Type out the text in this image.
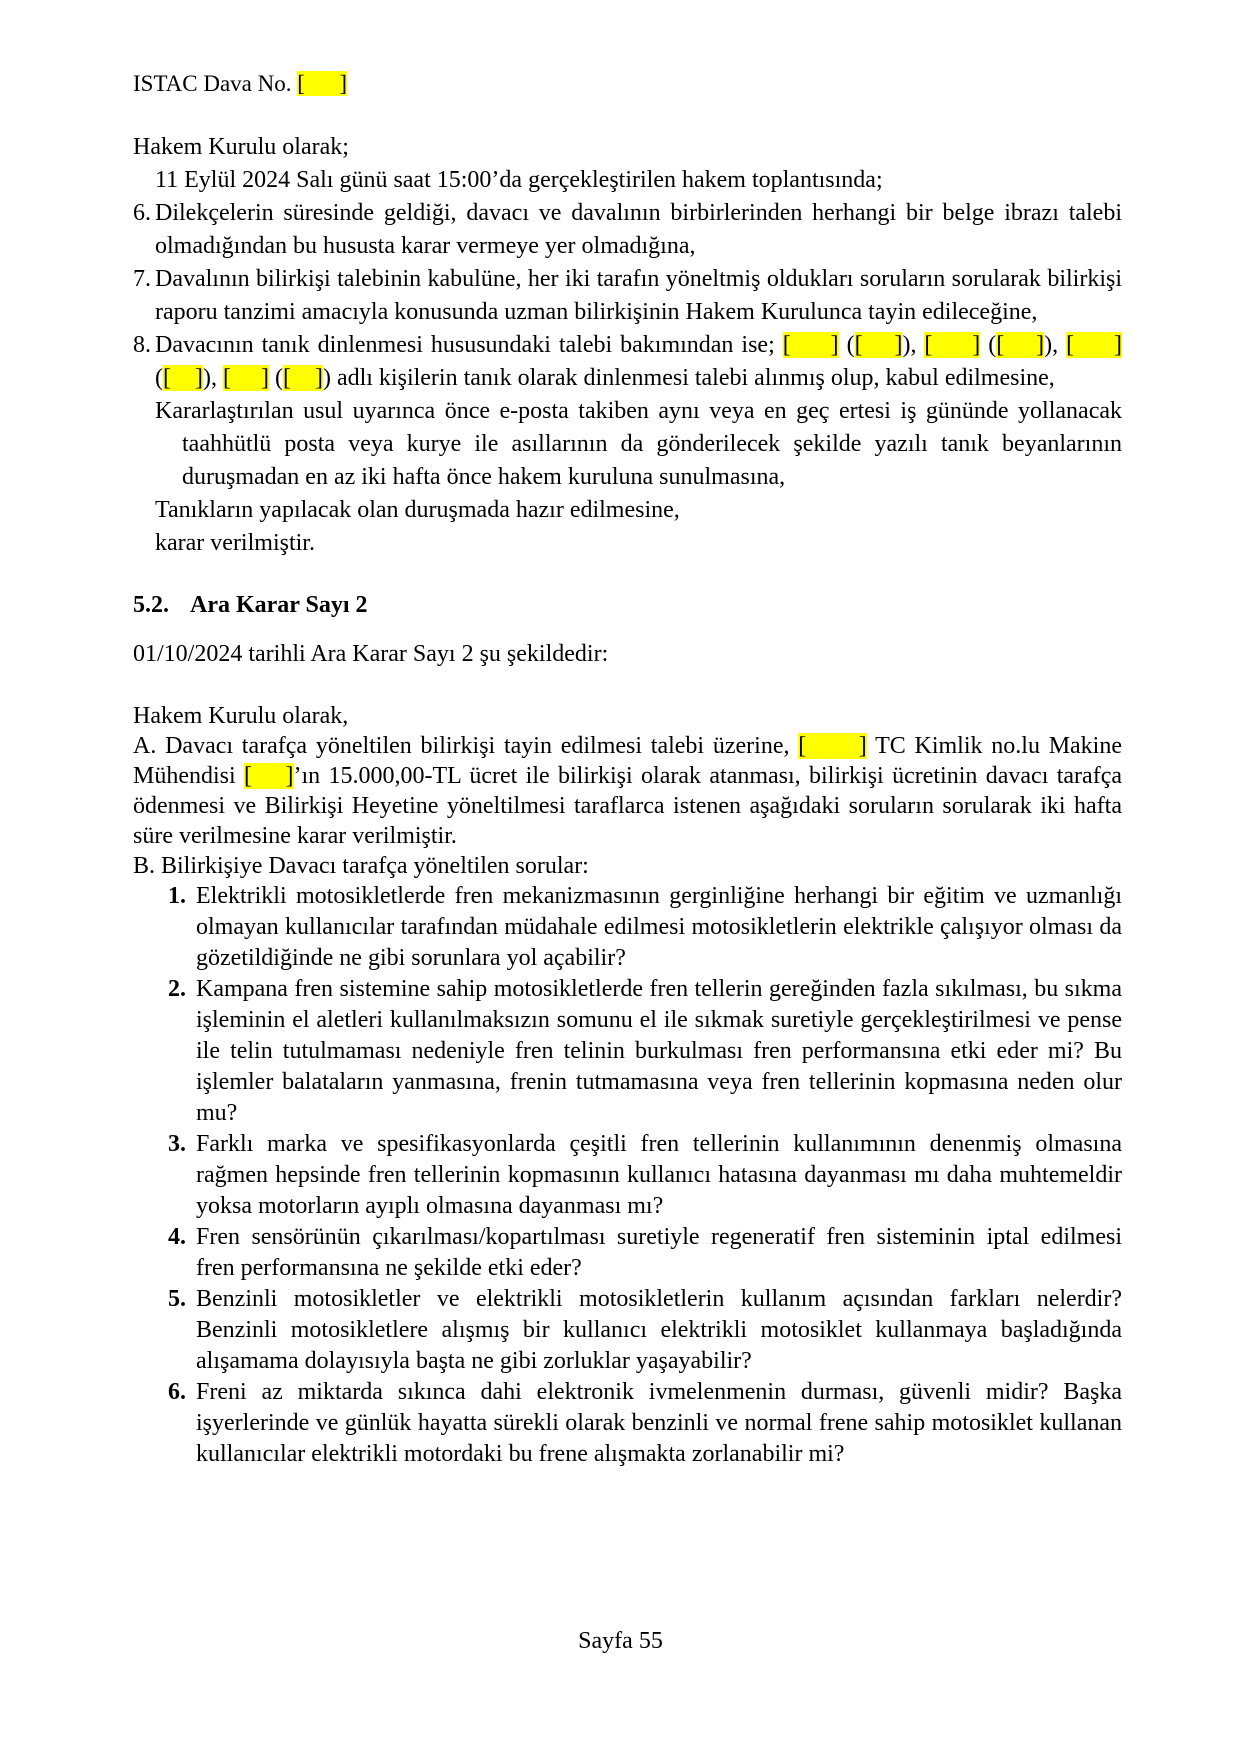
ISTAC Dava No. [      ]
Hakem Kurulu olarak;
11 Eylül 2024 Salı günü saat 15:00’da gerçekleştirilen hakem toplantısında;
6. Dilekçelerin süresinde geldiği, davacı ve davalının birbirlerinden herhangi bir belge ibrazı talebi olmadığından bu hususta karar vermeye yer olmadığına,
7. Davalının bilirkişi talebinin kabulüne, her iki tarafın yöneltmiş oldukları soruların sorularak bilirkişi raporu tanzimi amacıyla konusunda uzman bilirkişinin Hakem Kurulunca tayin edileceğine,
8. Davacının tanık dinlenmesi hususundaki talebi bakımından ise; [     ] ([    ]), [     ] ([    ]), [     ] ([    ]), [     ] ([    ]) adlı kişilerin tanık olarak dinlenmesi talebi alınmış olup, kabul edilmesine,
Kararlaştırılan usul uyarınca önce e-posta takiben aynı veya en geç ertesi iş gününde yollanacak taahhütlü posta veya kurye ile asıllarının da gönderilecek şekilde yazılı tanık beyanlarının duruşmadan en az iki hafta önce hakem kuruluna sunulmasına,
Tanıkların yapılacak olan duruşmada hazır edilmesine,
karar verilmiştir.
5.2. Ara Karar Sayı 2
01/10/2024 tarihli Ara Karar Sayı 2 şu şekildedir:
Hakem Kurulu olarak,
A. Davacı tarafça yöneltilen bilirkişi tayin edilmesi talebi üzerine, [      ] TC Kimlik no.lu Makine Mühendisi [    ]’ın 15.000,00-TL ücret ile bilirkişi olarak atanması, bilirkişi ücretinin davacı tarafça ödenmesi ve Bilirkişi Heyetine yöneltilmesi taraflarca istenen aşağıdaki soruların sorularak iki hafta süre verilmesine karar verilmiştir.
B. Bilirkişiye Davacı tarafça yöneltilen sorular:
1. Elektrikli motosikletlerde fren mekanizmasının gerginliğine herhangi bir eğitim ve uzmanlığı olmayan kullanıcılar tarafından müdahale edilmesi motosikletlerin elektrikle çalışıyor olması da gözetildiğinde ne gibi sorunlara yol açabilir?
2. Kampana fren sistemine sahip motosikletlerde fren tellerin gereğinden fazla sıkılması, bu sıkma işleminin el aletleri kullanılmaksızın somunu el ile sıkmak suretiyle gerçekleştirilmesi ve pense ile telin tutulmaması nedeniyle fren telinin burkulması fren performansına etki eder mi? Bu işlemler balataların yanmasına, frenin tutmamasına veya fren tellerinin kopmasına neden olur mu?
3. Farklı marka ve spesifikasyonlarda çeşitli fren tellerinin kullanımının denenmiş olmasına rağmen hepsinde fren tellerinin kopmasının kullanıcı hatasına dayanması mı daha muhtemeldir yoksa motorların ayıplı olmasına dayanması mı?
4. Fren sensörünün çıkarılması/kopartılması suretiyle regeneratif fren sisteminin iptal edilmesi fren performansına ne şekilde etki eder?
5. Benzinli motosikletler ve elektrikli motosikletlerin kullanım açısından farkları nelerdir? Benzinli motosikletlere alışmış bir kullanıcı elektrikli motosiklet kullanmaya başladığında alışamama dolayısıyla başta ne gibi zorluklar yaşayabilir?
6. Freni az miktarda sıkınca dahi elektronik ivmelenmenin durması, güvenli midir? Başka işyerlerinde ve günlük hayatta sürekli olarak benzinli ve normal frene sahip motosiklet kullanan kullanıcılar elektrikli motordaki bu frene alışmakta zorlanabilir mi?
Sayfa 55
